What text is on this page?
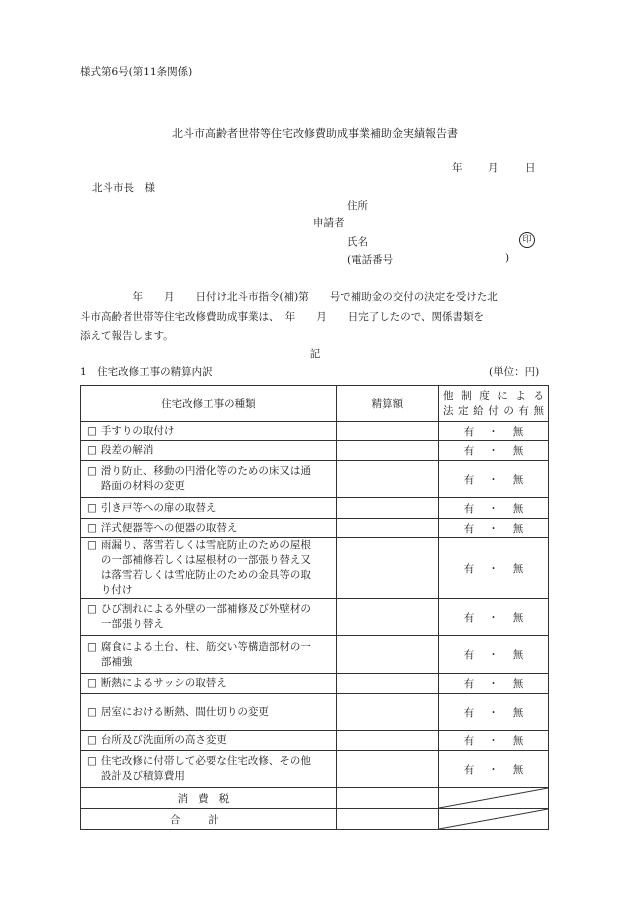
様式第6号(第11条関係)
北斗市高齢者世帯等住宅改修費助成事業補助金実績報告書
年 月	日
北斗市長　様
住所
申請者
氏名	印
(電話番号	)
　　　　　年　　月　　日付け北斗市指令(補)第　　号で補助金の交付の決定を受けた北
斗市高齢者世帯等住宅改修費助成事業は、　年　　月　　日完了したので、関係書類を
添えて報告します。
記
1　住宅改修工事の精算内訳	(単位：円)
住宅改修工事の種類	精算額	他制度による
法定給付の有無

□ 手すりの取付け		有 ・ 無

□ 段差の解消		有 ・ 無

□ 滑り防止、移動の円滑化等のための床又は通
路面の材料の変更		有 ・ 無

□ 引き戸等への扉の取替え		有 ・ 無

□ 洋式便器等への便器の取替え		有 ・ 無

□ 雨漏り、落雪若しくは雪庇防止のための屋根
の一部補修若しくは屋根材の一部張り替え又
は落雪若しくは雪庇防止のための金具等の取
り付け		有 ・ 無

□ ひび割れによる外壁の一部補修及び外壁材の
一部張り替え		有 ・ 無

□ 腐食による土台、柱、筋交い等構造部材の一
部補強		有 ・ 無

□ 断熱によるサッシの取替え		有 ・ 無

□ 居室における断熱、間仕切りの変更		有 ・ 無

□ 台所及び洗面所の高さ変更		有 ・ 無

□ 住宅改修に付帯して必要な住宅改修、その他
設計及び積算費用		有 ・ 無
消費税		

合計		
